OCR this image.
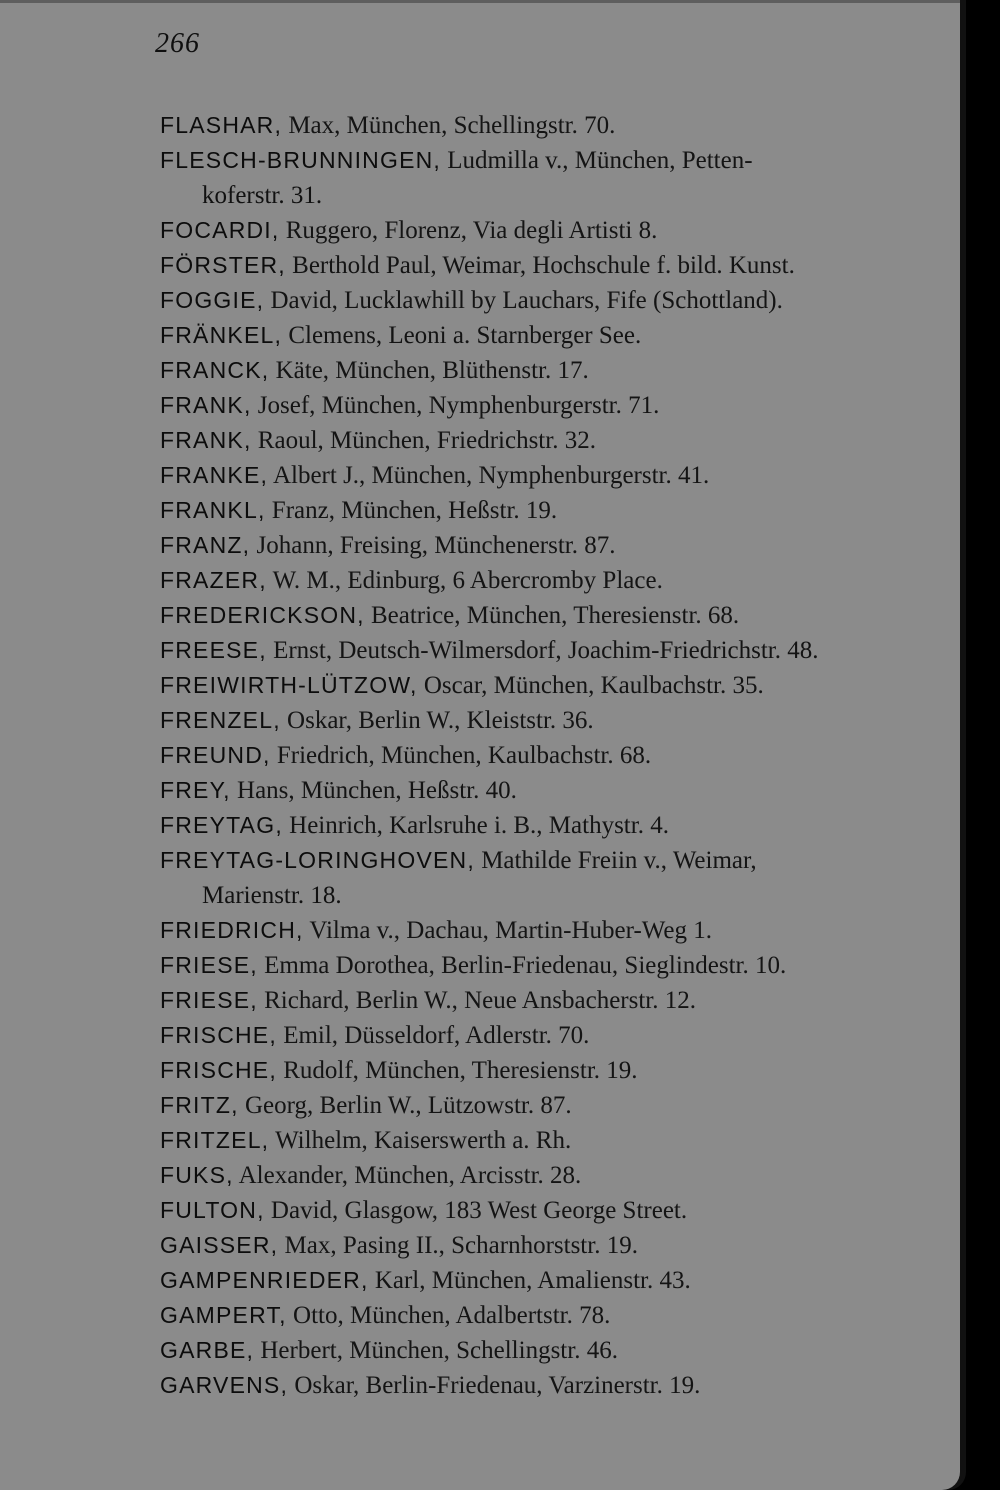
266
FLASHAR, Max, München, Schellingstr. 70.
FLESCH-BRUNNINGEN, Ludmilla v., München, Petten-
koferstr. 31.
FOCARDI, Ruggero, Florenz, Via degli Artisti 8.
FÖRSTER, Berthold Paul, Weimar, Hochschule f. bild. Kunst.
FOGGIE, David, Lucklawhill by Lauchars, Fife (Schottland).
FRÄNKEL, Clemens, Leoni a. Starnberger See.
FRANCK, Käte, München, Blüthenstr. 17.
FRANK, Josef, München, Nymphenburgerstr. 71.
FRANK, Raoul, München, Friedrichstr. 32.
FRANKE, Albert J., München, Nymphenburgerstr. 41.
FRANKL, Franz, München, Heßstr. 19.
FRANZ, Johann, Freising, Münchenerstr. 87.
FRAZER, W. M., Edinburg, 6 Abercromby Place.
FREDERICKSON, Beatrice, München, Theresienstr. 68.
FREESE, Ernst, Deutsch-Wilmersdorf, Joachim-Friedrichstr. 48.
FREIWIRTH-LÜTZOW, Oscar, München, Kaulbachstr. 35.
FRENZEL, Oskar, Berlin W., Kleiststr. 36.
FREUND, Friedrich, München, Kaulbachstr. 68.
FREY, Hans, München, Heßstr. 40.
FREYTAG, Heinrich, Karlsruhe i. B., Mathystr. 4.
FREYTAG-LORINGHOVEN, Mathilde Freiin v., Weimar,
Marienstr. 18.
FRIEDRICH, Vilma v., Dachau, Martin-Huber-Weg 1.
FRIESE, Emma Dorothea, Berlin-Friedenau, Sieglindestr. 10.
FRIESE, Richard, Berlin W., Neue Ansbacherstr. 12.
FRISCHE, Emil, Düsseldorf, Adlerstr. 70.
FRISCHE, Rudolf, München, Theresienstr. 19.
FRITZ, Georg, Berlin W., Lützowstr. 87.
FRITZEL, Wilhelm, Kaiserswerth a. Rh.
FUKS, Alexander, München, Arcisstr. 28.
FULTON, David, Glasgow, 183 West George Street.
GAISSER, Max, Pasing II., Scharnhorststr. 19.
GAMPENRIEDER, Karl, München, Amalienstr. 43.
GAMPERT, Otto, München, Adalbertstr. 78.
GARBE, Herbert, München, Schellingstr. 46.
GARVENS, Oskar, Berlin-Friedenau, Varzinerstr. 19.
